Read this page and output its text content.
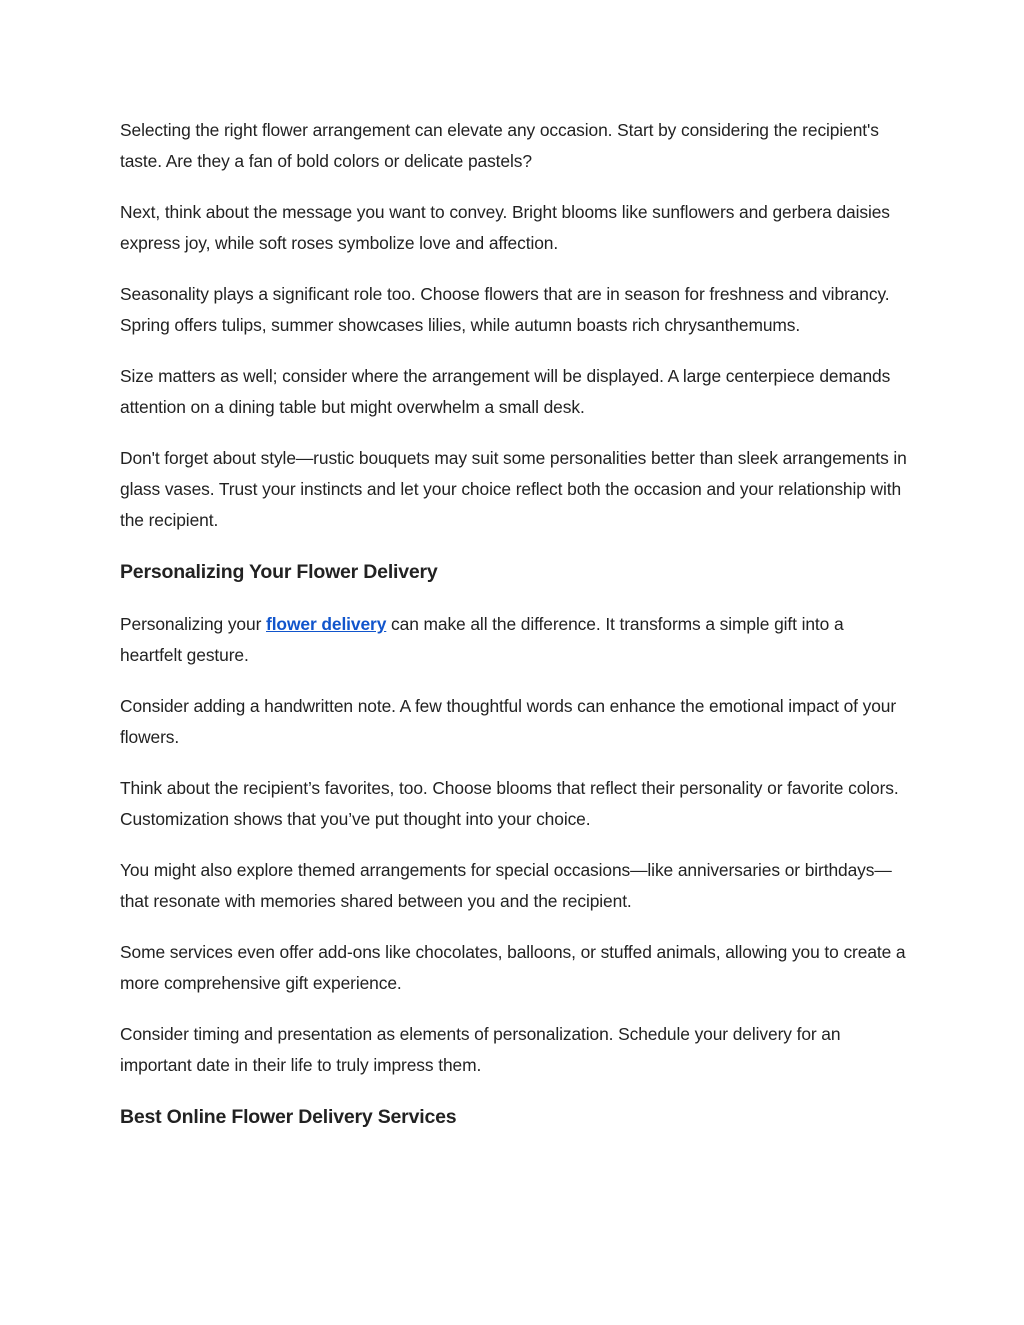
Selecting the right flower arrangement can elevate any occasion. Start by considering the recipient's taste. Are they a fan of bold colors or delicate pastels?

Next, think about the message you want to convey. Bright blooms like sunflowers and gerbera daisies express joy, while soft roses symbolize love and affection.

Seasonality plays a significant role too. Choose flowers that are in season for freshness and vibrancy. Spring offers tulips, summer showcases lilies, while autumn boasts rich chrysanthemums.

Size matters as well; consider where the arrangement will be displayed. A large centerpiece demands attention on a dining table but might overwhelm a small desk.

Don't forget about style—rustic bouquets may suit some personalities better than sleek arrangements in glass vases. Trust your instincts and let your choice reflect both the occasion and your relationship with the recipient.

Personalizing Your Flower Delivery

Personalizing your flower delivery can make all the difference. It transforms a simple gift into a heartfelt gesture.

Consider adding a handwritten note. A few thoughtful words can enhance the emotional impact of your flowers.

Think about the recipient’s favorites, too. Choose blooms that reflect their personality or favorite colors. Customization shows that you’ve put thought into your choice.

You might also explore themed arrangements for special occasions—like anniversaries or birthdays—that resonate with memories shared between you and the recipient.

Some services even offer add-ons like chocolates, balloons, or stuffed animals, allowing you to create a more comprehensive gift experience.

Consider timing and presentation as elements of personalization. Schedule your delivery for an important date in their life to truly impress them.

Best Online Flower Delivery Services
